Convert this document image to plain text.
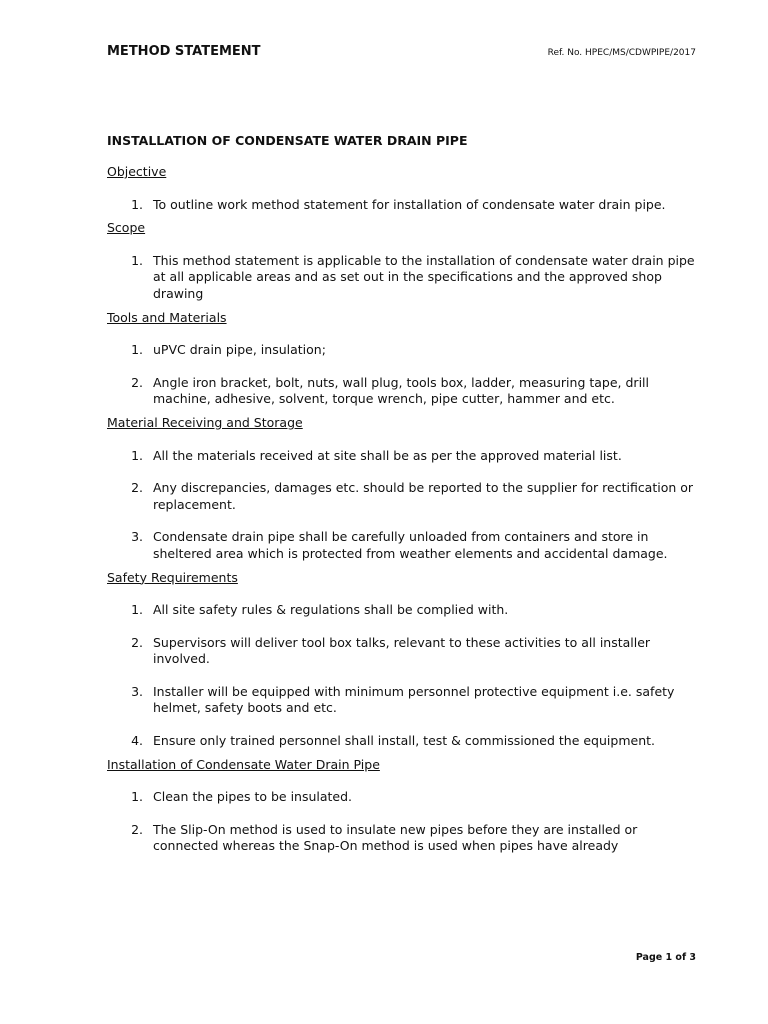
METHOD STATEMENT	Ref. No. HPEC/MS/CDWPIPE/2017
INSTALLATION OF CONDENSATE WATER DRAIN PIPE

Objective

1. To outline work method statement for installation of condensate water drain pipe.

Scope

1. This method statement is applicable to the installation of condensate water drain pipe at all applicable areas and as set out in the specifications and the approved shop drawing

Tools and Materials

1. uPVC drain pipe, insulation;
2. Angle iron bracket, bolt, nuts, wall plug, tools box, ladder, measuring tape, drill machine, adhesive, solvent, torque wrench, pipe cutter, hammer and etc.

Material Receiving and Storage

1. All the materials received at site shall be as per the approved material list.
2. Any discrepancies, damages etc. should be reported to the supplier for rectification or replacement.
3. Condensate drain pipe shall be carefully unloaded from containers and store in sheltered area which is protected from weather elements and accidental damage.

Safety Requirements

1. All site safety rules & regulations shall be complied with.
2. Supervisors will deliver tool box talks, relevant to these activities to all installer involved.
3. Installer will be equipped with minimum personnel protective equipment i.e. safety helmet, safety boots and etc.
4. Ensure only trained personnel shall install, test & commissioned the equipment.

Installation of Condensate Water Drain Pipe

1. Clean the pipes to be insulated.
2. The Slip-On method is used to insulate new pipes before they are installed or connected whereas the Snap-On method is used when pipes have already
Page 1 of 3
